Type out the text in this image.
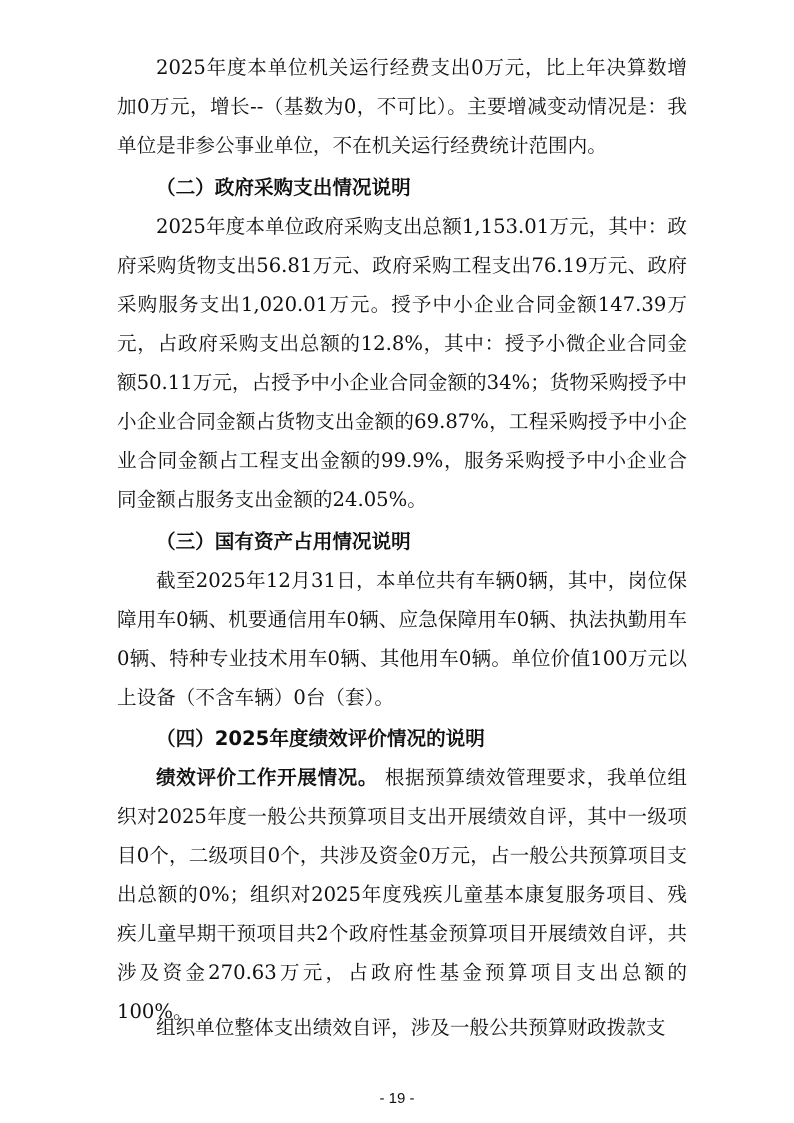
2025年度本单位机关运行经费支出0万元，比上年决算数增加0万元，增长--（基数为0，不可比）。主要增减变动情况是：我单位是非参公事业单位，不在机关运行经费统计范围内。

（二）政府采购支出情况说明

2025年度本单位政府采购支出总额1,153.01万元，其中：政府采购货物支出56.81万元、政府采购工程支出76.19万元、政府采购服务支出1,020.01万元。授予中小企业合同金额147.39万元，占政府采购支出总额的12.8%，其中：授予小微企业合同金额50.11万元，占授予中小企业合同金额的34%；货物采购授予中小企业合同金额占货物支出金额的69.87%，工程采购授予中小企业合同金额占工程支出金额的99.9%，服务采购授予中小企业合同金额占服务支出金额的24.05%。

（三）国有资产占用情况说明

截至2025年12月31日，本单位共有车辆0辆，其中，岗位保障用车0辆、机要通信用车0辆、应急保障用车0辆、执法执勤用车0辆、特种专业技术用车0辆、其他用车0辆。单位价值100万元以上设备（不含车辆）0台（套）。

（四）2025年度绩效评价情况的说明

绩效评价工作开展情况。 根据预算绩效管理要求，我单位组织对2025年度一般公共预算项目支出开展绩效自评，其中一级项目0个，二级项目0个，共涉及资金0万元，占一般公共预算项目支出总额的0%；组织对2025年度残疾儿童基本康复服务项目、残疾儿童早期干预项目共2个政府性基金预算项目开展绩效自评，共涉及资金270.63万元，占政府性基金预算项目支出总额的100%。

组织单位整体支出绩效自评，涉及一般公共预算财政拨款支

- 19 -
